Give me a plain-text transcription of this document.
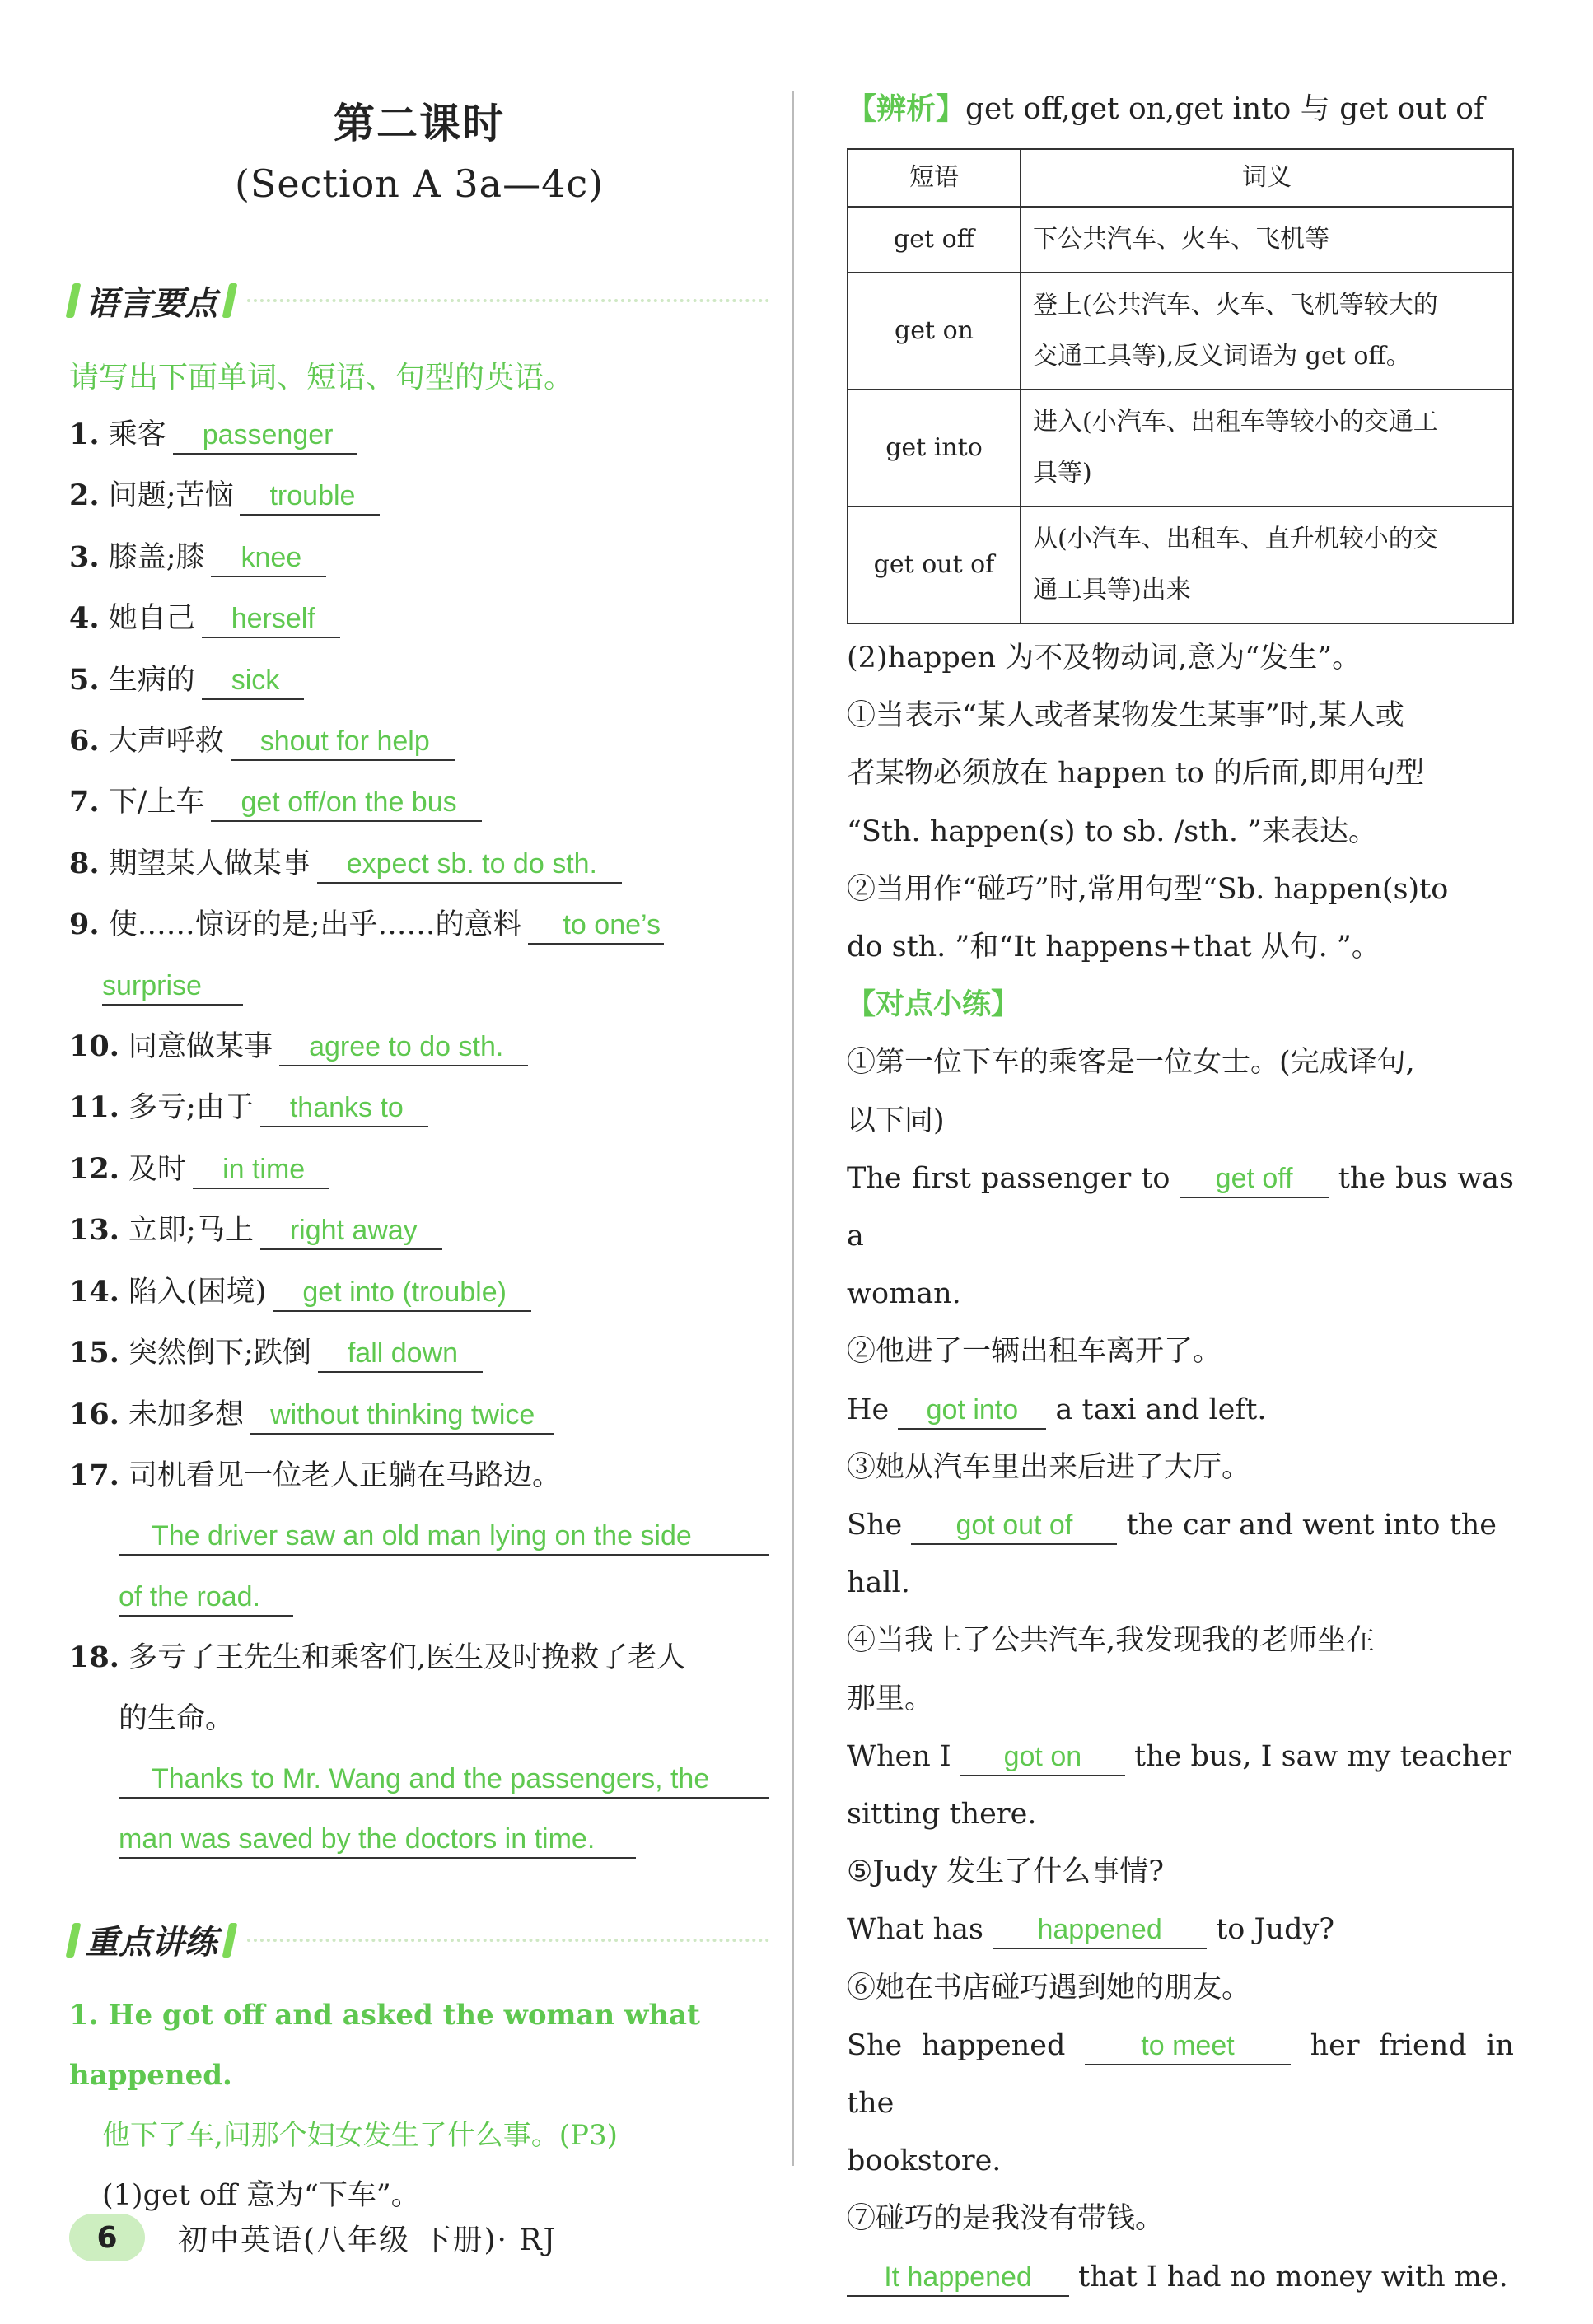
第二课时
(Section A 3a—4c)
语言要点
请写出下面单词、短语、句型的英语。
1. 乘客 passenger
2. 问题;苦恼 trouble
3. 膝盖;膝 knee
4. 她自己 herself
5. 生病的 sick
6. 大声呼救 shout for help
7. 下/上车 get off/on the bus
8. 期望某人做某事 expect sb. to do sth.
9. 使……惊讶的是;出乎……的意料 to one’s
surprise
10. 同意做某事 agree to do sth.
11. 多亏;由于 thanks to
12. 及时 in time
13. 立即;马上 right away
14. 陷入(困境) get into (trouble)
15. 突然倒下;跌倒 fall down
16. 未加多想 without thinking twice
17. 司机看见一位老人正躺在马路边。
The driver saw an old man lying on the side
of the road.
18. 多亏了王先生和乘客们,医生及时挽救了老人
的生命。
Thanks to Mr. Wang and the passengers, the
man was saved by the doctors in time.
重点讲练
1. He got off and asked the woman what happened.
他下了车,问那个妇女发生了什么事。(P3)
(1)get off 意为“下车”。
【辨析】get off,get on,get into 与 get out of
短语	词义
get off	下公共汽车、火车、飞机等

get on	登上(公共汽车、火车、飞机等较大的
交通工具等),反义词语为 get off。

get into	进入(小汽车、出租车等较小的交通工
具等)

get out of	从(小汽车、出租车、直升机较小的交
通工具等)出来
(2)happen 为不及物动词,意为“发生”。
①当表示“某人或者某物发生某事”时,某人或
者某物必须放在 happen to 的后面,即用句型
“Sth. happen(s) to sb. /sth. ”来表达。
②当用作“碰巧”时,常用句型“Sb. happen(s)to
do sth. ”和“It happens+that 从句. ”。
【对点小练】
①第一位下车的乘客是一位女士。(完成译句,
以下同)
The first passenger to get off the bus was a
woman.
②他进了一辆出租车离开了。
He got into a taxi and left.
③她从汽车里出来后进了大厅。
She got out of the car and went into the
hall.
④当我上了公共汽车,我发现我的老师坐在
那里。
When I got on the bus, I saw my teacher
sitting there.
⑤Judy 发生了什么事情?
What has happened to Judy?
⑥她在书店碰巧遇到她的朋友。
She happened	to meet	her friend in the
bookstore.
⑦碰巧的是我没有带钱。
It happened that I had no money with me.
6	初中英语(八年级 下册)· RJ
